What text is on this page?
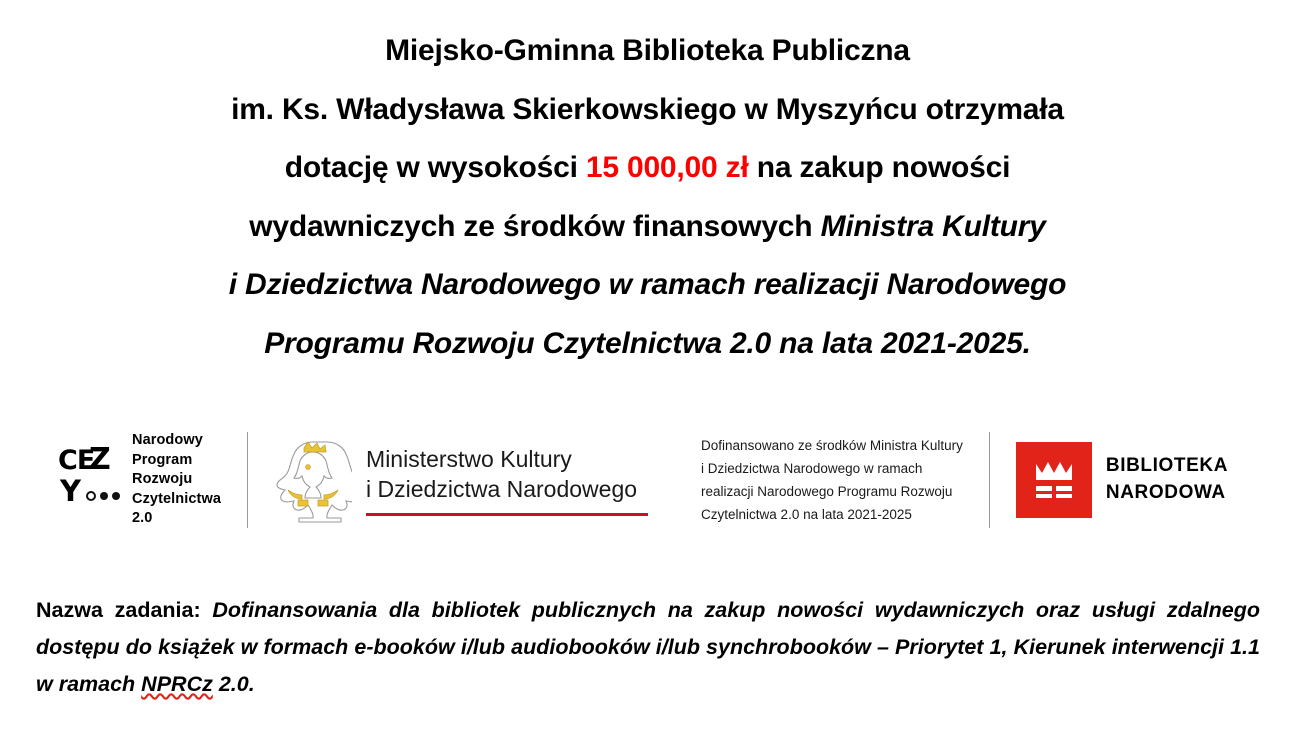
Miejsko-Gminna Biblioteka Publiczna
im. Ks. Władysława Skierkowskiego w Myszyńcu otrzymała
dotację w wysokości 15 000,00 zł na zakup nowości
wydawniczych ze środków finansowych Ministra Kultury
i Dziedzictwa Narodowego w ramach realizacji Narodowego
Programu Rozwoju Czytelnictwa 2.0 na lata 2021-2025.
CE
Z
Y
Narodowy
Program
Rozwoju
Czytelnictwa
2.0
Ministerstwo Kultury
i Dziedzictwa Narodowego
Dofinansowano ze środków Ministra Kultury
i Dziedzictwa Narodowego w ramach
realizacji Narodowego Programu Rozwoju
Czytelnictwa 2.0 na lata 2021-2025
BIBLIOTEKA
NARODOWA
Nazwa zadania: Dofinansowania dla bibliotek publicznych na zakup nowości wydawniczych oraz usługi zdalnego dostępu do książek w formach e-booków i/lub audiobooków i/lub synchrobooków – Priorytet 1, Kierunek interwencji 1.1 w ramach NPRCz 2.0.
